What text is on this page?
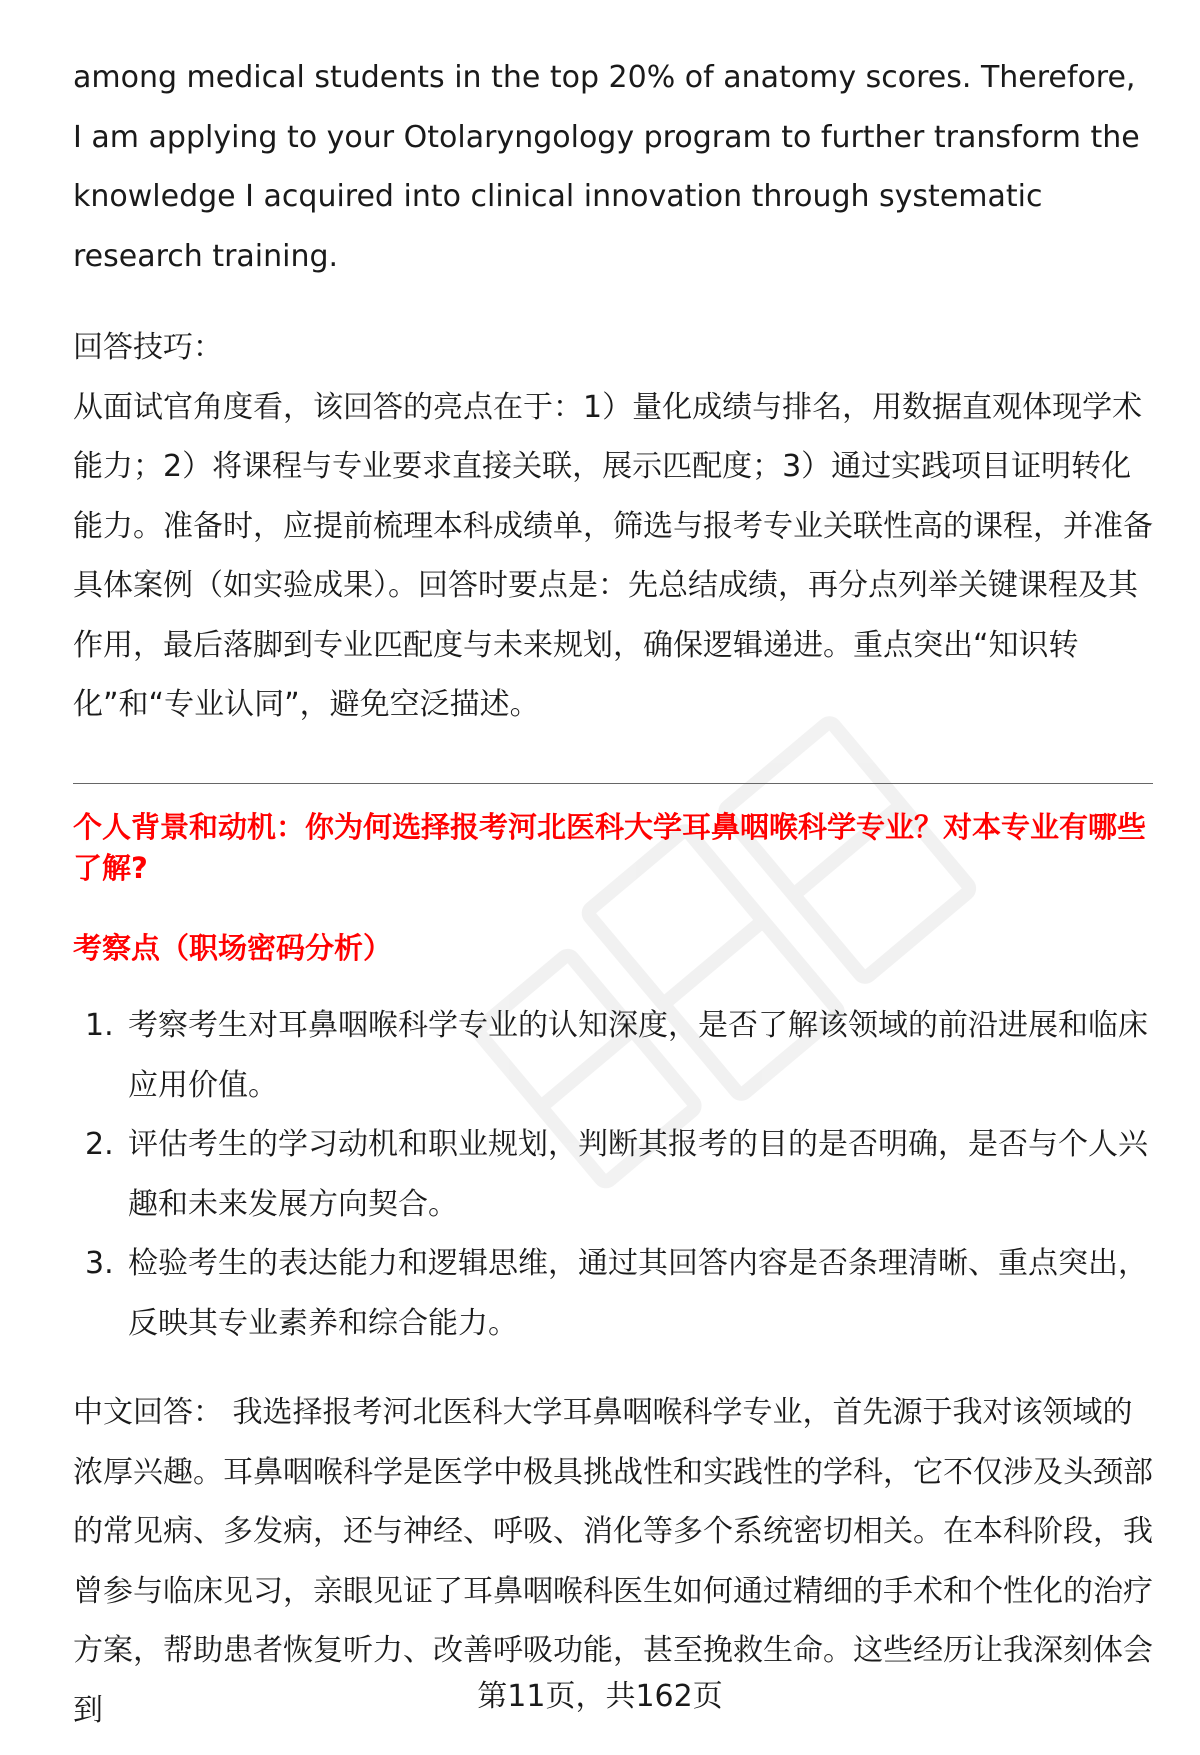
among medical students in the top 20% of anatomy scores. Therefore, I am applying to your Otolaryngology program to further transform the knowledge I acquired into clinical innovation through systematic research training.

回答技巧：

从面试官角度看，该回答的亮点在于：1）量化成绩与排名，用数据直观体现学术能力；2）将课程与专业要求直接关联，展示匹配度；3）通过实践项目证明转化能力。准备时，应提前梳理本科成绩单，筛选与报考专业关联性高的课程，并准备具体案例（如实验成果）。回答时要点是：先总结成绩，再分点列举关键课程及其作用，最后落脚到专业匹配度与未来规划，确保逻辑递进。重点突出“知识转化”和“专业认同”，避免空泛描述。

个人背景和动机：你为何选择报考河北医科大学耳鼻咽喉科学专业？对本专业有哪些了解?

考察点（职场密码分析）

1. 考察考生对耳鼻咽喉科学专业的认知深度，是否了解该领域的前沿进展和临床应用价值。
2. 评估考生的学习动机和职业规划，判断其报考的目的是否明确，是否与个人兴趣和未来发展方向契合。
3. 检验考生的表达能力和逻辑思维，通过其回答内容是否条理清晰、重点突出，反映其专业素养和综合能力。

中文回答： 我选择报考河北医科大学耳鼻咽喉科学专业，首先源于我对该领域的浓厚兴趣。耳鼻咽喉科学是医学中极具挑战性和实践性的学科，它不仅涉及头颈部的常见病、多发病，还与神经、呼吸、消化等多个系统密切相关。在本科阶段，我曾参与临床见习，亲眼见证了耳鼻咽喉科医生如何通过精细的手术和个性化的治疗方案，帮助患者恢复听力、改善呼吸功能，甚至挽救生命。这些经历让我深刻体会到	第11页，共162页
